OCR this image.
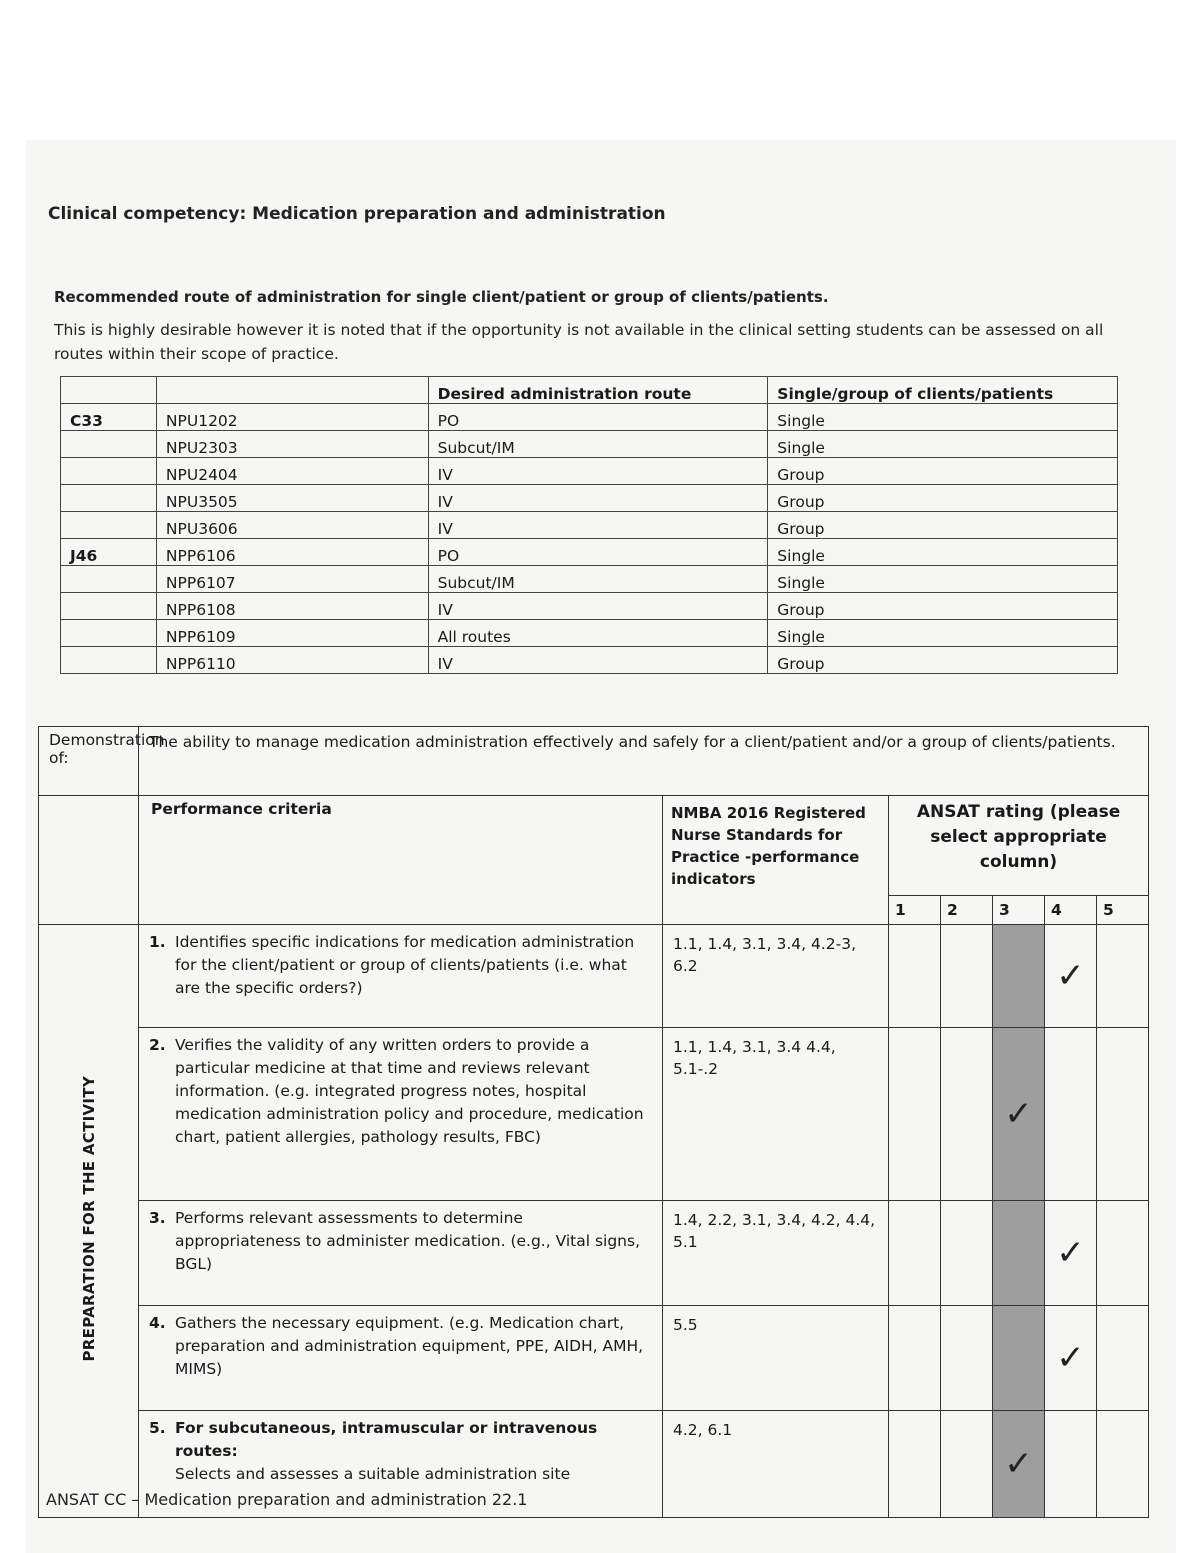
Clinical competency: Medication preparation and administration
Recommended route of administration for single client/patient or group of clients/patients.
This is highly desirable however it is noted that if the opportunity is not available in the clinical setting students can be assessed on all routes within their scope of practice.
		Desired administration route	Single/group of clients/patients
C33	NPU1202	PO	Single
	NPU2303	Subcut/IM	Single
	NPU2404	IV	Group
	NPU3505	IV	Group
	NPU3606	IV	Group
J46	NPP6106	PO	Single
	NPP6107	Subcut/IM	Single
	NPP6108	IV	Group
	NPP6109	All routes	Single
	NPP6110	IV	Group
Demonstration of:	The ability to manage medication administration effectively and safely for a client/patient and/or a group of clients/patients.						
	Performance criteria	NMBA 2016 Registered Nurse Standards for Practice -performance indicators	ANSAT rating (please select appropriate column)				
			1	2	3	4	5
PREPARATION FOR THE ACTIVITY	1. Identifies specific indications for medication administration for the client/patient or group of clients/patients (i.e. what are the specific orders?)	1.1, 1.4, 3.1, 3.4, 4.2-3, 6.2				✓	

	2. Verifies the validity of any written orders to provide a particular medicine at that time and reviews relevant information. (e.g. integrated progress notes, hospital medication administration policy and procedure, medication chart, patient allergies, pathology results, FBC)	1.1, 1.4, 3.1, 3.4 4.4, 5.1-.2			✓		

	3. Performs relevant assessments to determine appropriateness to administer medication. (e.g., Vital signs, BGL)	1.4, 2.2, 3.1, 3.4, 4.2, 4.4, 5.1				✓	

	4. Gathers the necessary equipment. (e.g. Medication chart, preparation and administration equipment, PPE, AIDH, AMH, MIMS)	5.5				✓	

	5. For subcutaneous, intramuscular or intravenous routes:
Selects and assesses a suitable administration site	4.2, 6.1			✓		

ANSAT CC – Medication preparation and administration 22.1
